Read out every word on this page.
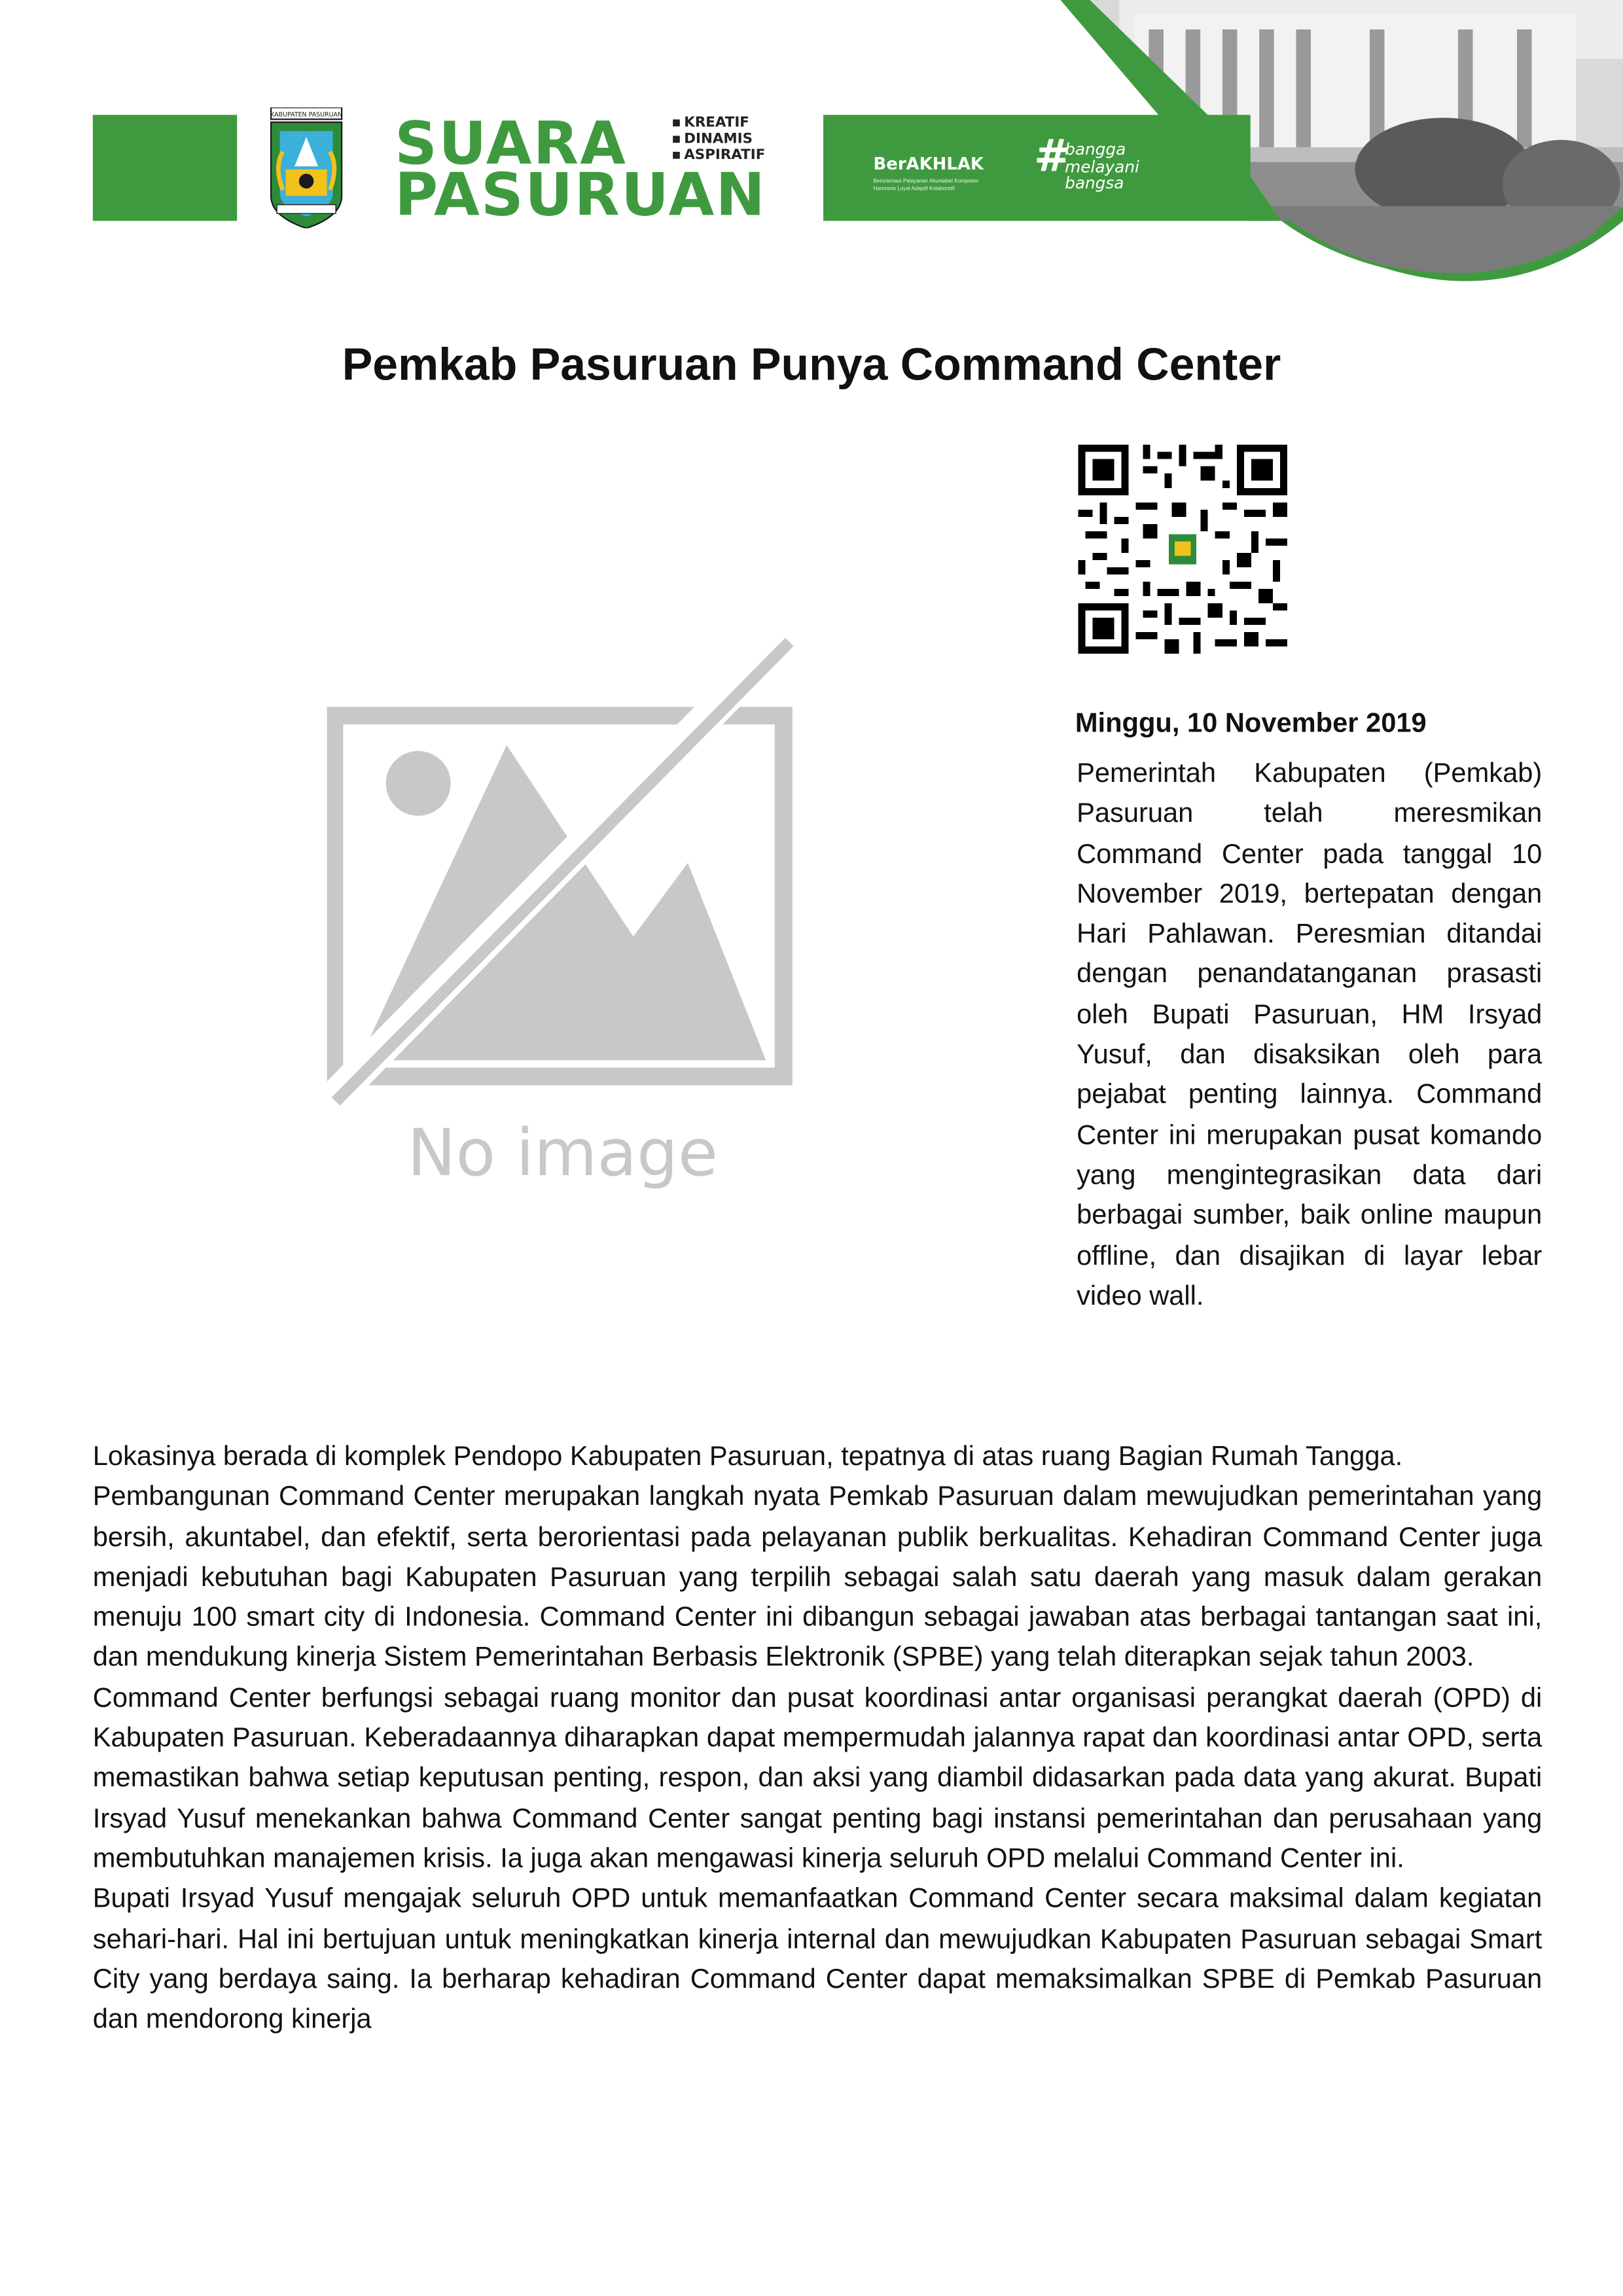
KABUPATEN PASURUAN SUARA
PASURUAN
▪ KREATIF
▪ DINAMIS
▪ ASPIRATIF	BerAKHLAK
Berorientasi Pelayanan Akuntabel Kompeten Harmonis Loyal Adaptif Kolaboratif
#
bangga
melayani
bangsa
Pemkab Pasuruan Punya Command Center
No image
Minggu, 10 November 2019
Pemerintah Kabupaten (Pemkab) Pasuruan telah meresmikan Command Center pada tanggal 10 November 2019, bertepatan dengan Hari Pahlawan. Peresmian ditandai dengan penandatanganan prasasti oleh Bupati Pasuruan, HM Irsyad Yusuf, dan disaksikan oleh para pejabat penting lainnya. Command Center ini merupakan pusat komando yang mengintegrasikan data dari berbagai sumber, baik online maupun offline, dan disajikan di layar lebar video wall.

Lokasinya berada di komplek Pendopo Kabupaten Pasuruan, tepatnya di atas ruang Bagian Rumah Tangga.

Pembangunan Command Center merupakan langkah nyata Pemkab Pasuruan dalam mewujudkan pemerintahan yang bersih, akuntabel, dan efektif, serta berorientasi pada pelayanan publik berkualitas. Kehadiran Command Center juga menjadi kebutuhan bagi Kabupaten Pasuruan yang terpilih sebagai salah satu daerah yang masuk dalam gerakan menuju 100 smart city di Indonesia. Command Center ini dibangun sebagai jawaban atas berbagai tantangan saat ini, dan mendukung kinerja Sistem Pemerintahan Berbasis Elektronik (SPBE) yang telah diterapkan sejak tahun 2003.

Command Center berfungsi sebagai ruang monitor dan pusat koordinasi antar organisasi perangkat daerah (OPD) di Kabupaten Pasuruan. Keberadaannya diharapkan dapat mempermudah jalannya rapat dan koordinasi antar OPD, serta memastikan bahwa setiap keputusan penting, respon, dan aksi yang diambil didasarkan pada data yang akurat. Bupati Irsyad Yusuf menekankan bahwa Command Center sangat penting bagi instansi pemerintahan dan perusahaan yang membutuhkan manajemen krisis. Ia juga akan mengawasi kinerja seluruh OPD melalui Command Center ini.

Bupati Irsyad Yusuf mengajak seluruh OPD untuk memanfaatkan Command Center secara maksimal dalam kegiatan sehari-hari. Hal ini bertujuan untuk meningkatkan kinerja internal dan mewujudkan Kabupaten Pasuruan sebagai Smart City yang berdaya saing. Ia berharap kehadiran Command Center dapat memaksimalkan SPBE di Pemkab Pasuruan dan mendorong kinerja
